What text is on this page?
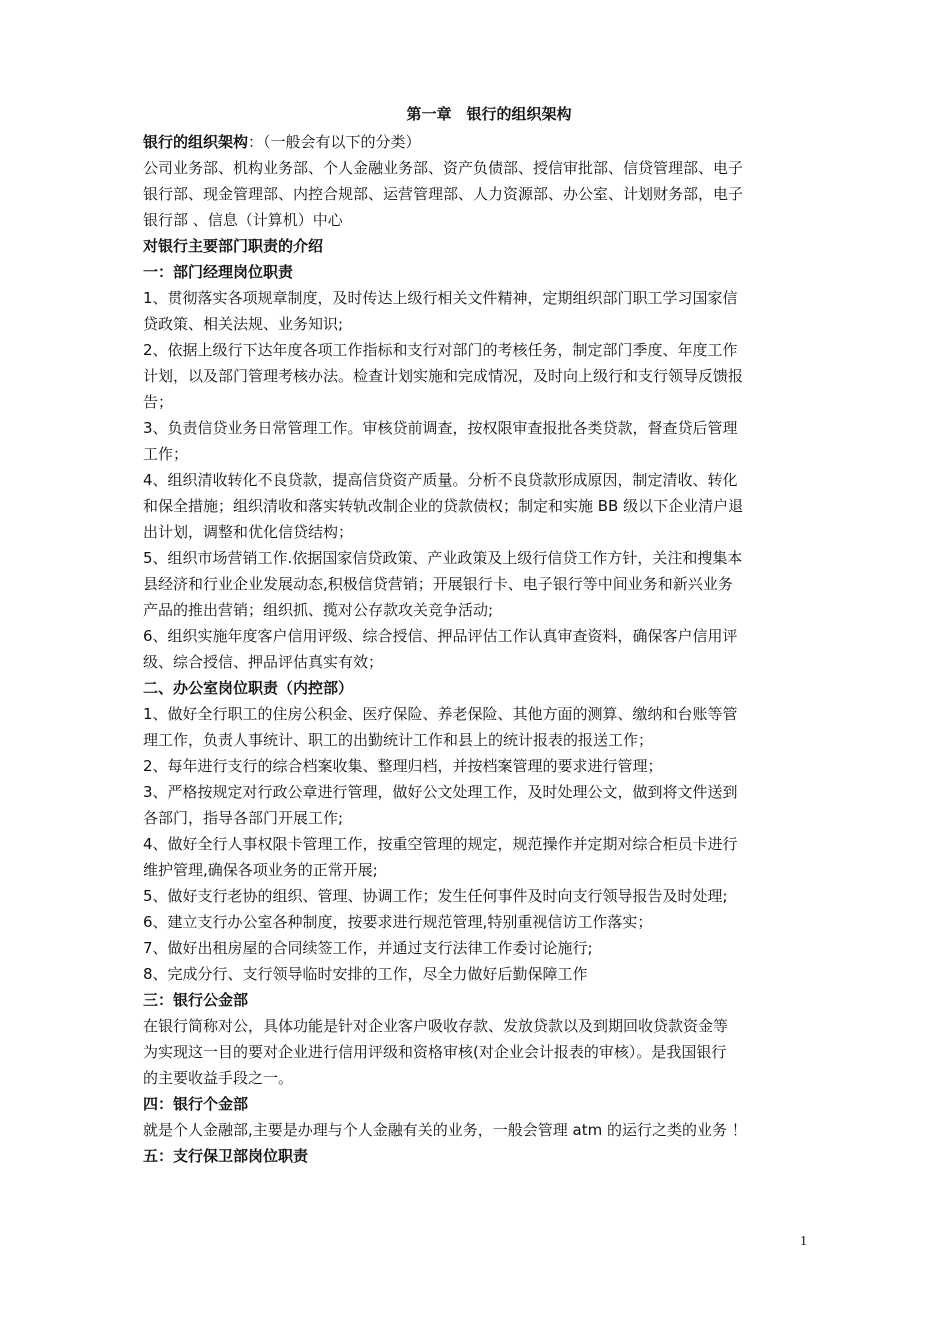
第一章　银行的组织架构
银行的组织架构：（一般会有以下的分类）
公司业务部、机构业务部、个人金融业务部、资产负债部、授信审批部、信贷管理部、电子
银行部、现金管理部、内控合规部、运营管理部、人力资源部、办公室、计划财务部，电子
银行部 、信息（计算机）中心
对银行主要部门职责的介绍
一：部门经理岗位职责
1、贯彻落实各项规章制度，及时传达上级行相关文件精神，定期组织部门职工学习国家信
贷政策、相关法规、业务知识;
2、依据上级行下达年度各项工作指标和支行对部门的考核任务，制定部门季度、年度工作
计划，以及部门管理考核办法。检查计划实施和完成情况，及时向上级行和支行领导反馈报
告；
3、负责信贷业务日常管理工作。审核贷前调查，按权限审查报批各类贷款，督查贷后管理
工作；
4、组织清收转化不良贷款，提高信贷资产质量。分析不良贷款形成原因，制定清收、转化
和保全措施；组织清收和落实转轨改制企业的贷款债权；制定和实施 BB 级以下企业清户退
出计划，调整和优化信贷结构；
5、组织市场营销工作.依据国家信贷政策、产业政策及上级行信贷工作方针，关注和搜集本
县经济和行业企业发展动态,积极信贷营销；开展银行卡、电子银行等中间业务和新兴业务
产品的推出营销；组织抓、揽对公存款攻关竞争活动;
6、组织实施年度客户信用评级、综合授信、押品评估工作认真审查资料，确保客户信用评
级、综合授信、押品评估真实有效；
二、办公室岗位职责（内控部）
1、做好全行职工的住房公积金、医疗保险、养老保险、其他方面的测算、缴纳和台账等管
理工作，负责人事统计、职工的出勤统计工作和县上的统计报表的报送工作；
2、每年进行支行的综合档案收集、整理归档，并按档案管理的要求进行管理；
3、严格按规定对行政公章进行管理，做好公文处理工作，及时处理公文，做到将文件送到
各部门，指导各部门开展工作;
4、做好全行人事权限卡管理工作，按重空管理的规定，规范操作并定期对综合柜员卡进行
维护管理,确保各项业务的正常开展;
5、做好支行老协的组织、管理、协调工作；发生任何事件及时向支行领导报告及时处理;
6、建立支行办公室各种制度，按要求进行规范管理,特别重视信访工作落实；
7、做好出租房屋的合同续签工作，并通过支行法律工作委讨论施行;
8、完成分行、支行领导临时安排的工作，尽全力做好后勤保障工作
三：银行公金部
在银行简称对公，具体功能是针对企业客户吸收存款、发放贷款以及到期回收贷款资金等
为实现这一目的要对企业进行信用评级和资格审核(对企业会计报表的审核）。是我国银行
的主要收益手段之一。
四：银行个金部
就是个人金融部,主要是办理与个人金融有关的业务，一般会管理 atm 的运行之类的业务 ！
五：支行保卫部岗位职责
1
